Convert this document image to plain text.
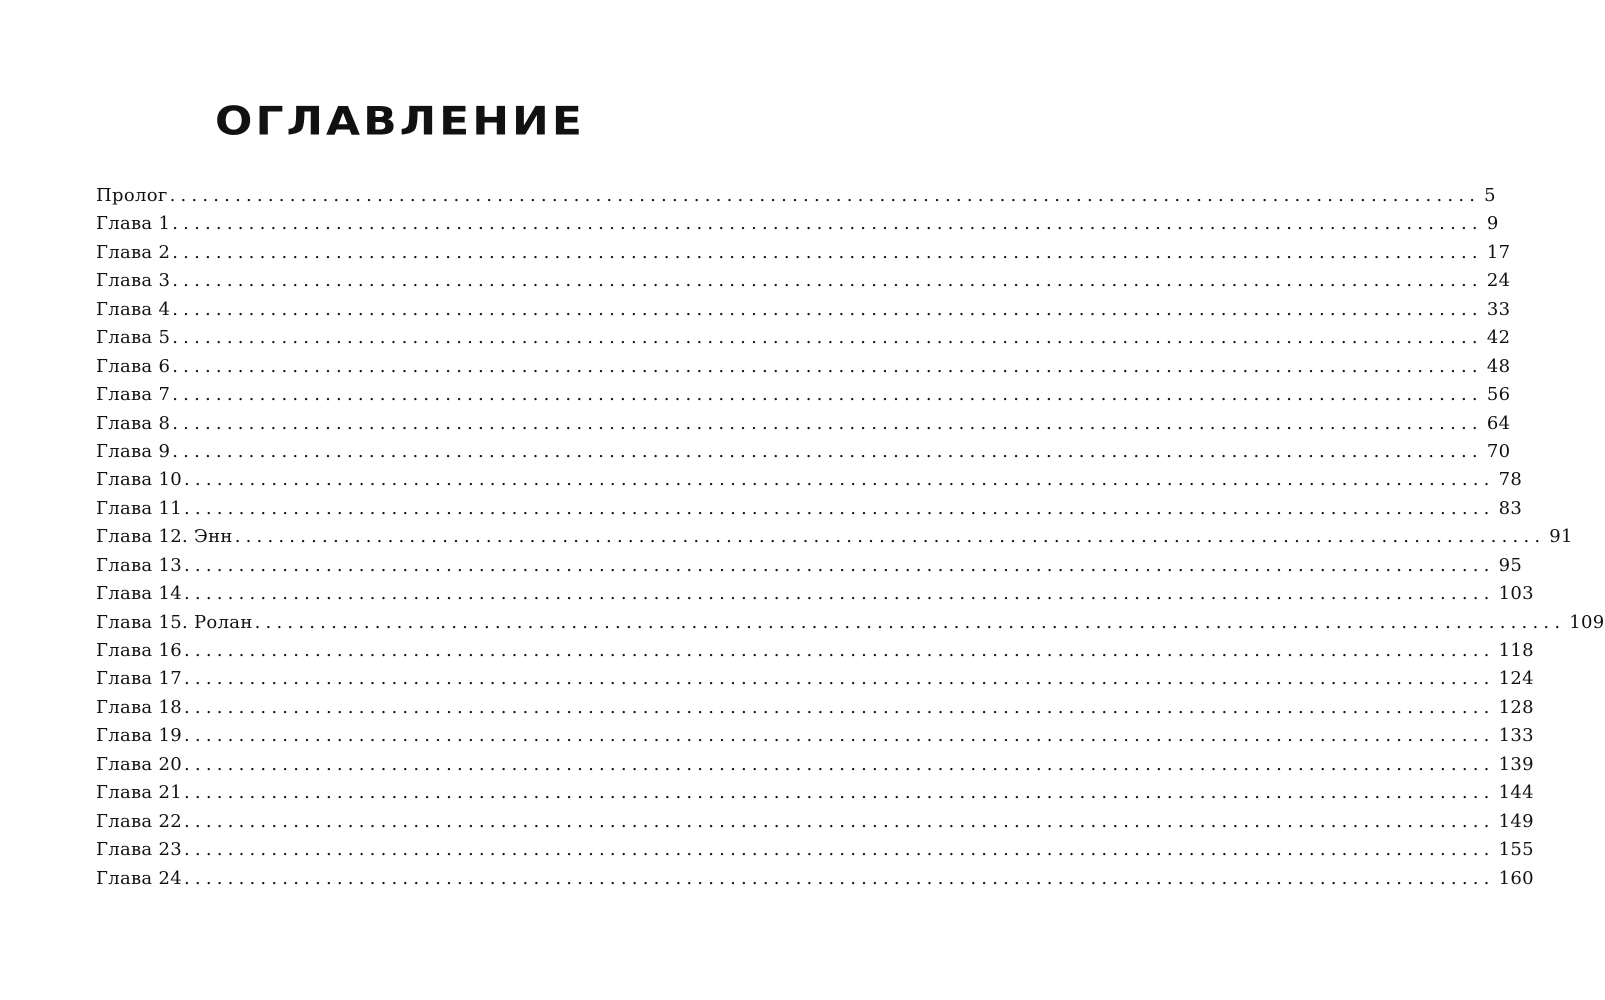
ОГЛАВЛЕНИЕ
Пролог ........................................................................................................................ 5
Глава 1 ........................................................................................................................ 9
Глава 2 ........................................................................................................................ 17
Глава 3 ........................................................................................................................ 24
Глава 4 ........................................................................................................................ 33
Глава 5 ........................................................................................................................ 42
Глава 6 ........................................................................................................................ 48
Глава 7 ........................................................................................................................ 56
Глава 8 ........................................................................................................................ 64
Глава 9 ........................................................................................................................ 70
Глава 10 ........................................................................................................................ 78
Глава 11 ........................................................................................................................ 83
Глава 12. Энн ........................................................................................................................ 91
Глава 13 ........................................................................................................................ 95
Глава 14 ........................................................................................................................ 103
Глава 15. Ролан ........................................................................................................................ 109
Глава 16 ........................................................................................................................ 118
Глава 17 ........................................................................................................................ 124
Глава 18 ........................................................................................................................ 128
Глава 19 ........................................................................................................................ 133
Глава 20 ........................................................................................................................ 139
Глава 21 ........................................................................................................................ 144
Глава 22 ........................................................................................................................ 149
Глава 23 ........................................................................................................................ 155
Глава 24 ........................................................................................................................ 160
